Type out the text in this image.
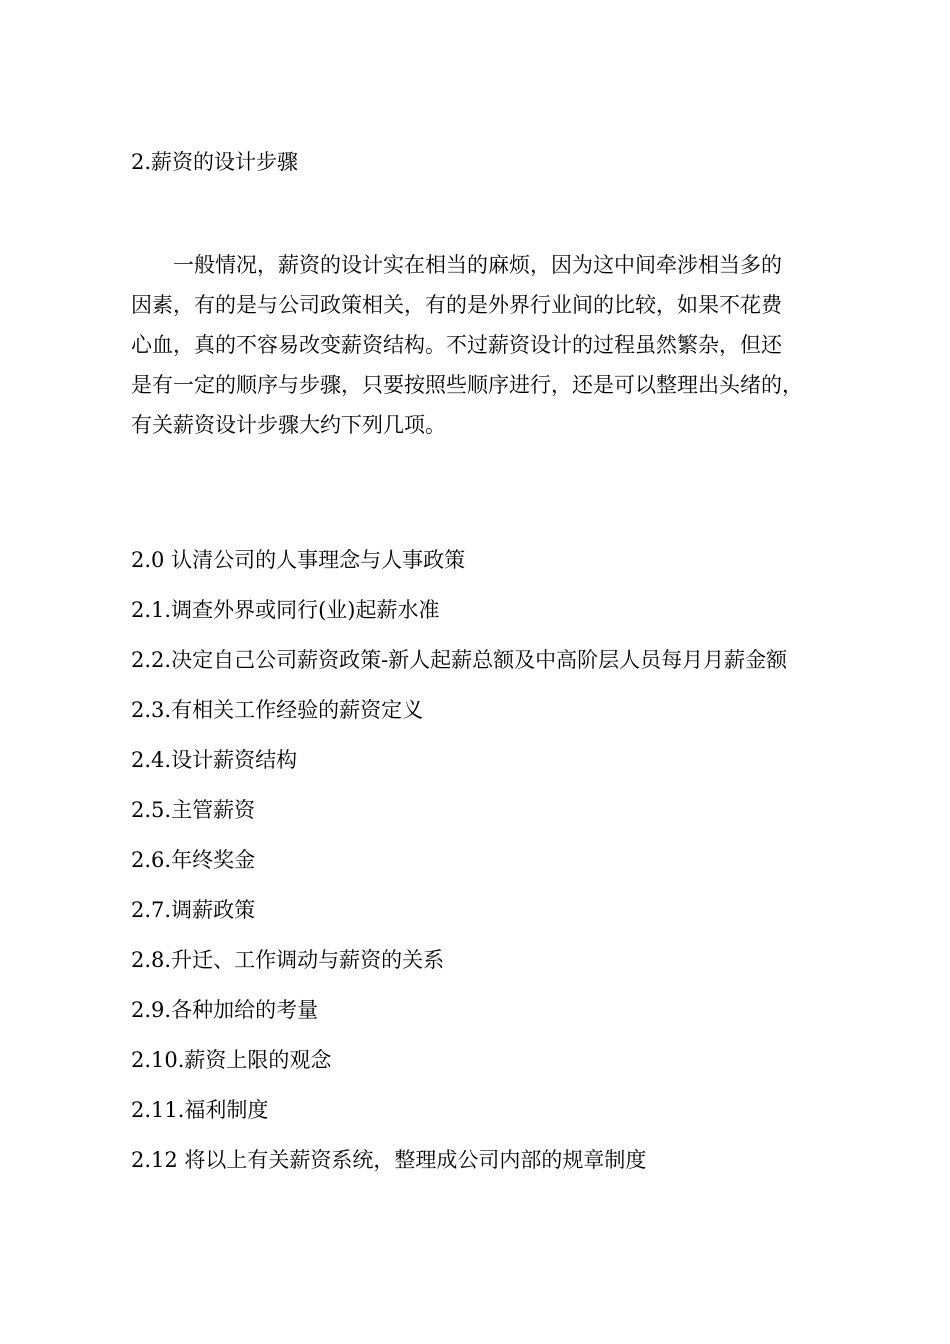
2.薪资的设计步骤
一般情况，薪资的设计实在相当的麻烦，因为这中间牵涉相当多的
因素，有的是与公司政策相关，有的是外界行业间的比较，如果不花费
心血，真的不容易改变薪资结构。不过薪资设计的过程虽然繁杂，但还
是有一定的顺序与步骤，只要按照些顺序进行，还是可以整理出头绪的，
有关薪资设计步骤大约下列几项。
2.0 认清公司的人事理念与人事政策
2.1.调查外界或同行(业)起薪水准
2.2.决定自己公司薪资政策-新人起薪总额及中高阶层人员每月月薪金额
2.3.有相关工作经验的薪资定义
2.4.设计薪资结构
2.5.主管薪资
2.6.年终奖金
2.7.调薪政策
2.8.升迁、工作调动与薪资的关系
2.9.各种加给的考量
2.10.薪资上限的观念
2.11.福利制度
2.12 将以上有关薪资系统，整理成公司内部的规章制度
